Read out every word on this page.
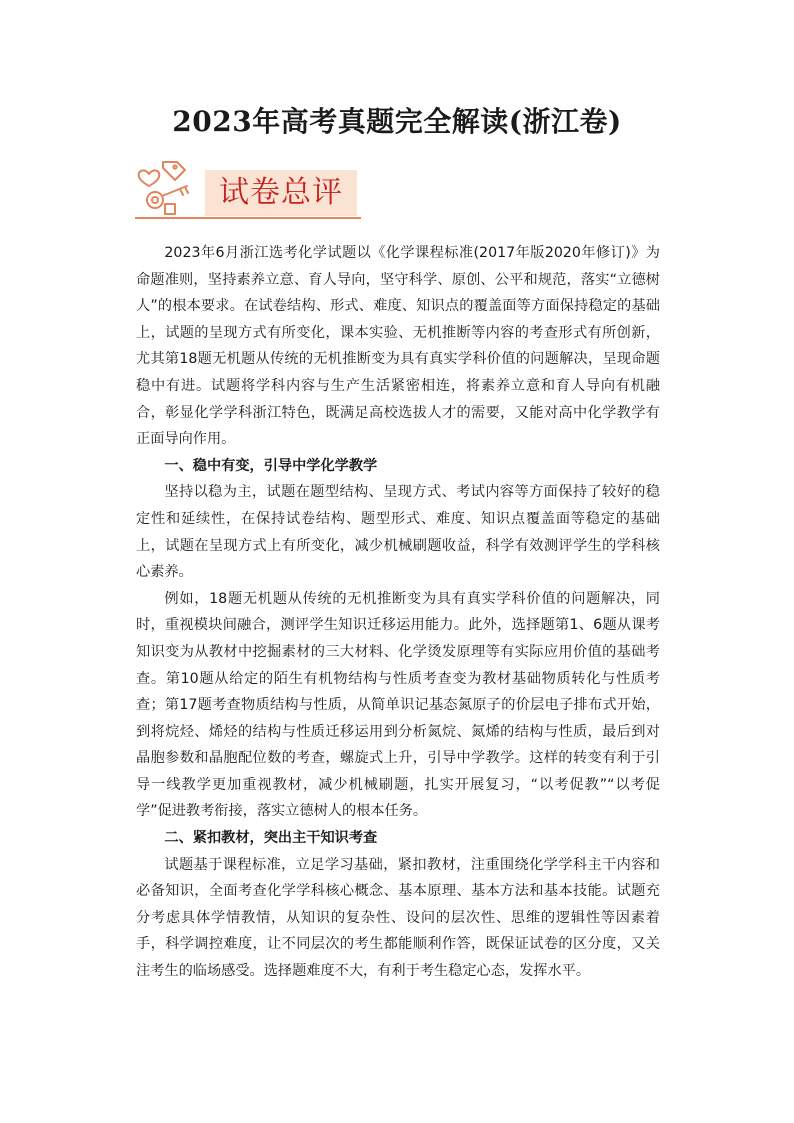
2023年高考真题完全解读(浙江卷)
试卷总评

2023年6月浙江选考化学试题以《化学课程标准(2017年版2020年修订)》为命题准则，坚持素养立意、育人导向，坚守科学、原创、公平和规范，落实“立德树人”的根本要求。在试卷结构、形式、难度、知识点的覆盖面等方面保持稳定的基础上，试题的呈现方式有所变化，课本实验、无机推断等内容的考查形式有所创新，尤其第18题无机题从传统的无机推断变为具有真实学科价值的问题解决，呈现命题稳中有进。试题将学科内容与生产生活紧密相连，将素养立意和育人导向有机融合，彰显化学学科浙江特色，既满足高校选拔人才的需要，又能对高中化学教学有正面导向作用。

一、稳中有变，引导中学化学教学

坚持以稳为主，试题在题型结构、呈现方式、考试内容等方面保持了较好的稳定性和延续性，在保持试卷结构、题型形式、难度、知识点覆盖面等稳定的基础上，试题在呈现方式上有所变化，减少机械刷题收益，科学有效测评学生的学科核心素养。

例如，18题无机题从传统的无机推断变为具有真实学科价值的问题解决，同时，重视模块间融合，测评学生知识迁移运用能力。此外，选择题第1、6题从课考知识变为从教材中挖掘素材的三大材料、化学烫发原理等有实际应用价值的基础考查。第10题从给定的陌生有机物结构与性质考查变为教材基础物质转化与性质考查；第17题考查物质结构与性质，从简单识记基态氮原子的价层电子排布式开始，到将烷烃、烯烃的结构与性质迁移运用到分析氮烷、氮烯的结构与性质，最后到对晶胞参数和晶胞配位数的考查，螺旋式上升，引导中学教学。这样的转变有利于引导一线教学更加重视教材，减少机械刷题，扎实开展复习，“以考促教”“以考促学”促进教考衔接，落实立德树人的根本任务。

二、紧扣教材，突出主干知识考查

试题基于课程标准，立足学习基础，紧扣教材，注重围绕化学学科主干内容和必备知识，全面考查化学学科核心概念、基本原理、基本方法和基本技能。试题充分考虑具体学情教情，从知识的复杂性、设问的层次性、思维的逻辑性等因素着手，科学调控难度，让不同层次的考生都能顺利作答，既保证试卷的区分度，又关注考生的临场感受。选择题难度不大，有利于考生稳定心态，发挥水平。
